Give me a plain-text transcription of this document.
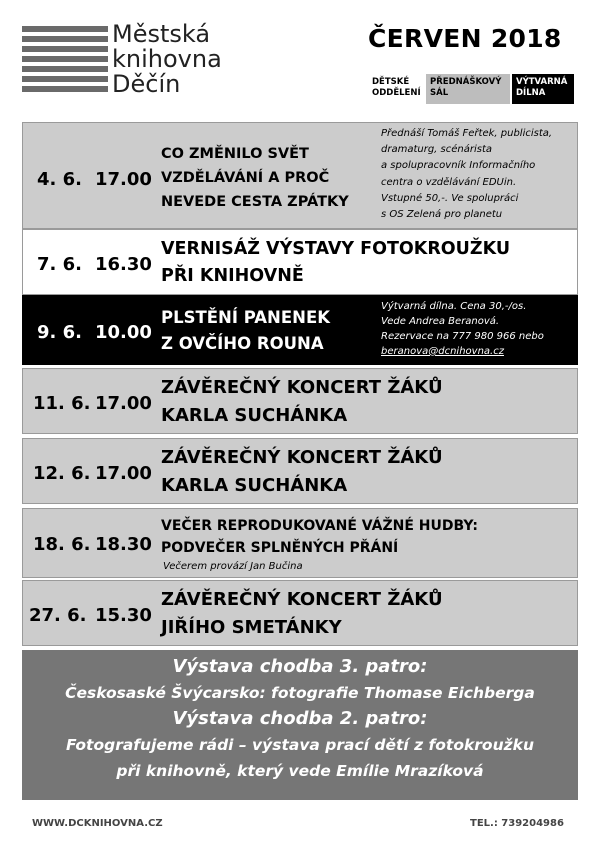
Městská
knihovna
Děčín
ČERVEN 2018
DĚTSKÉ ODDĚLENÍ
PŘEDNÁŠKOVÝ SÁL
VÝTVARNÁ DÍLNA
4. 6. 17.00
CO ZMĚNILO SVĚT
VZDĚLÁVÁNÍ A PROČ
NEVEDE CESTA ZPÁTKY
Přednáší Tomáš Feřtek, publicista,
dramaturg, scénárista
a spolupracovník Informačního
centra o vzdělávání EDUin.
Vstupné 50,-. Ve spolupráci
s OS Zelená pro planetu
7. 6. 16.30
VERNISÁŽ VÝSTAVY FOTOKROUŽKU
PŘI KNIHOVNĚ
9. 6. 10.00
PLSTĚNÍ PANENEK
Z OVČÍHO ROUNA
Výtvarná dílna. Cena 30,-/os.
Vede Andrea Beranová.
Rezervace na 777 980 966 nebo
beranova@dcnihovna.cz
11. 6. 17.00
ZÁVĚREČNÝ KONCERT ŽÁKŮ
KARLA SUCHÁNKA
12. 6. 17.00
ZÁVĚREČNÝ KONCERT ŽÁKŮ
KARLA SUCHÁNKA
18. 6. 18.30
VEČER REPRODUKOVANÉ VÁŽNÉ HUDBY:
PODVEČER SPLNĚNÝCH PŘÁNÍ
Večerem provází Jan Bučina
27. 6. 15.30
ZÁVĚREČNÝ KONCERT ŽÁKŮ
JIŘÍHO SMETÁNKY
Výstava chodba 3. patro:
Českosaské Švýcarsko: fotografie Thomase Eichberga
Výstava chodba 2. patro:
Fotografujeme rádi – výstava prací dětí z fotokroužku
při knihovně, který vede Emílie Mrazíková
WWW.DCKNIHOVNA.CZ	TEL.: 739204986
